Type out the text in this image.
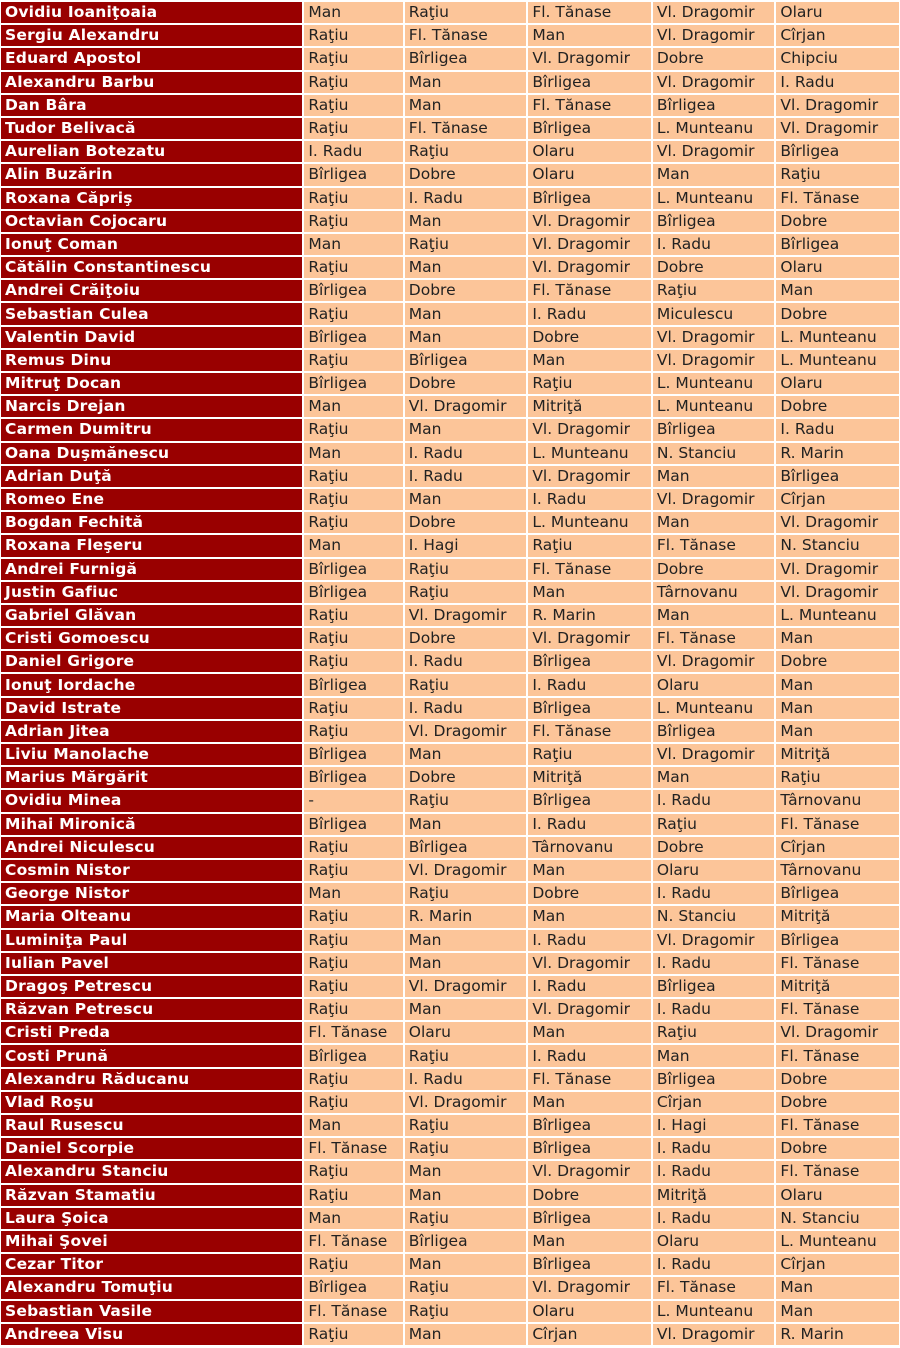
Ovidiu Ioaniţoaia	Man	Raţiu	Fl. Tănase	Vl. Dragomir	Olaru
Sergiu Alexandru	Raţiu	Fl. Tănase	Man	Vl. Dragomir	Cîrjan
Eduard Apostol	Raţiu	Bîrligea	Vl. Dragomir	Dobre	Chipciu
Alexandru Barbu	Raţiu	Man	Bîrligea	Vl. Dragomir	I. Radu
Dan Bâra	Raţiu	Man	Fl. Tănase	Bîrligea	Vl. Dragomir
Tudor Belivacă	Raţiu	Fl. Tănase	Bîrligea	L. Munteanu	Vl. Dragomir
Aurelian Botezatu	I. Radu	Raţiu	Olaru	Vl. Dragomir	Bîrligea
Alin Buzărin	Bîrligea	Dobre	Olaru	Man	Raţiu
Roxana Căpriş	Raţiu	I. Radu	Bîrligea	L. Munteanu	Fl. Tănase
Octavian Cojocaru	Raţiu	Man	Vl. Dragomir	Bîrligea	Dobre
Ionuţ Coman	Man	Raţiu	Vl. Dragomir	I. Radu	Bîrligea
Cătălin Constantinescu	Raţiu	Man	Vl. Dragomir	Dobre	Olaru
Andrei Crăiţoiu	Bîrligea	Dobre	Fl. Tănase	Raţiu	Man
Sebastian Culea	Raţiu	Man	I. Radu	Miculescu	Dobre
Valentin David	Bîrligea	Man	Dobre	Vl. Dragomir	L. Munteanu
Remus Dinu	Raţiu	Bîrligea	Man	Vl. Dragomir	L. Munteanu
Mitruţ Docan	Bîrligea	Dobre	Raţiu	L. Munteanu	Olaru
Narcis Drejan	Man	Vl. Dragomir	Mitriţă	L. Munteanu	Dobre
Carmen Dumitru	Raţiu	Man	Vl. Dragomir	Bîrligea	I. Radu
Oana Duşmănescu	Man	I. Radu	L. Munteanu	N. Stanciu	R. Marin
Adrian Duţă	Raţiu	I. Radu	Vl. Dragomir	Man	Bîrligea
Romeo Ene	Raţiu	Man	I. Radu	Vl. Dragomir	Cîrjan
Bogdan Fechită	Raţiu	Dobre	L. Munteanu	Man	Vl. Dragomir
Roxana Fleşeru	Man	I. Hagi	Raţiu	Fl. Tănase	N. Stanciu
Andrei Furnigă	Bîrligea	Raţiu	Fl. Tănase	Dobre	Vl. Dragomir
Justin Gafiuc	Bîrligea	Raţiu	Man	Târnovanu	Vl. Dragomir
Gabriel Glăvan	Raţiu	Vl. Dragomir	R. Marin	Man	L. Munteanu
Cristi Gomoescu	Raţiu	Dobre	Vl. Dragomir	Fl. Tănase	Man
Daniel Grigore	Raţiu	I. Radu	Bîrligea	Vl. Dragomir	Dobre
Ionuţ Iordache	Bîrligea	Raţiu	I. Radu	Olaru	Man
David Istrate	Raţiu	I. Radu	Bîrligea	L. Munteanu	Man
Adrian Jitea	Raţiu	Vl. Dragomir	Fl. Tănase	Bîrligea	Man
Liviu Manolache	Bîrligea	Man	Raţiu	Vl. Dragomir	Mitriţă
Marius Mărgărit	Bîrligea	Dobre	Mitriţă	Man	Raţiu
Ovidiu Minea	-	Raţiu	Bîrligea	I. Radu	Târnovanu
Mihai Mironică	Bîrligea	Man	I. Radu	Raţiu	Fl. Tănase
Andrei Niculescu	Raţiu	Bîrligea	Târnovanu	Dobre	Cîrjan
Cosmin Nistor	Raţiu	Vl. Dragomir	Man	Olaru	Târnovanu
George Nistor	Man	Raţiu	Dobre	I. Radu	Bîrligea
Maria Olteanu	Raţiu	R. Marin	Man	N. Stanciu	Mitriţă
Luminiţa Paul	Raţiu	Man	I. Radu	Vl. Dragomir	Bîrligea
Iulian Pavel	Raţiu	Man	Vl. Dragomir	I. Radu	Fl. Tănase
Dragoş Petrescu	Raţiu	Vl. Dragomir	I. Radu	Bîrligea	Mitriţă
Răzvan Petrescu	Raţiu	Man	Vl. Dragomir	I. Radu	Fl. Tănase
Cristi Preda	Fl. Tănase	Olaru	Man	Raţiu	Vl. Dragomir
Costi Prună	Bîrligea	Raţiu	I. Radu	Man	Fl. Tănase
Alexandru Răducanu	Raţiu	I. Radu	Fl. Tănase	Bîrligea	Dobre
Vlad Roşu	Raţiu	Vl. Dragomir	Man	Cîrjan	Dobre
Raul Rusescu	Man	Raţiu	Bîrligea	I. Hagi	Fl. Tănase
Daniel Scorpie	Fl. Tănase	Raţiu	Bîrligea	I. Radu	Dobre
Alexandru Stanciu	Raţiu	Man	Vl. Dragomir	I. Radu	Fl. Tănase
Răzvan Stamatiu	Raţiu	Man	Dobre	Mitriţă	Olaru
Laura Şoica	Man	Raţiu	Bîrligea	I. Radu	N. Stanciu
Mihai Şovei	Fl. Tănase	Bîrligea	Man	Olaru	L. Munteanu
Cezar Titor	Raţiu	Man	Bîrligea	I. Radu	Cîrjan
Alexandru Tomuţiu	Bîrligea	Raţiu	Vl. Dragomir	Fl. Tănase	Man
Sebastian Vasile	Fl. Tănase	Raţiu	Olaru	L. Munteanu	Man
Andreea Visu	Raţiu	Man	Cîrjan	Vl. Dragomir	R. Marin
